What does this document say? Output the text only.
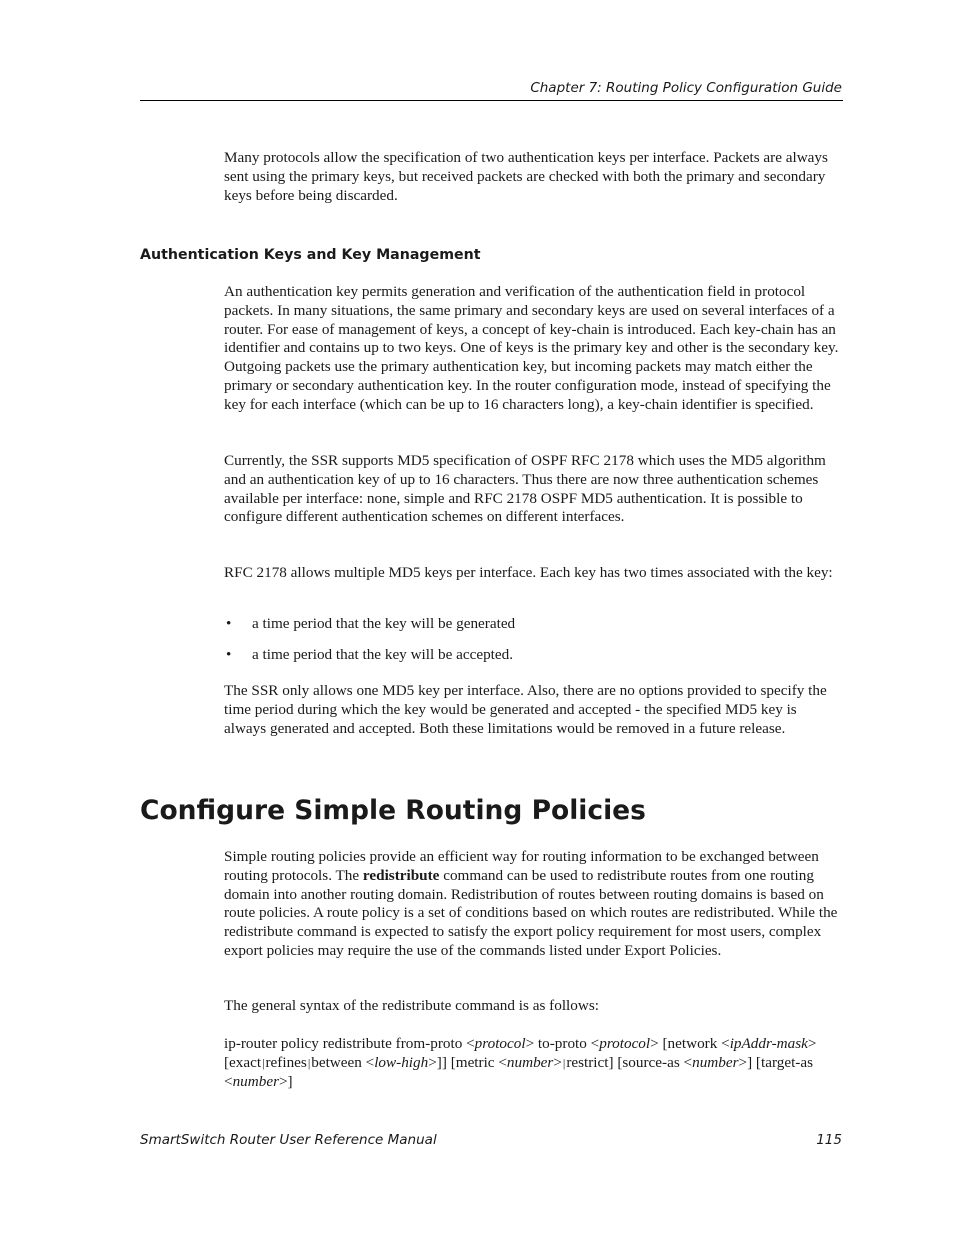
Chapter 7: Routing Policy Configuration Guide

Many protocols allow the specification of two authentication keys per interface. Packets are always sent using the primary keys, but received packets are checked with both the primary and secondary keys before being discarded.

Authentication Keys and Key Management

An authentication key permits generation and verification of the authentication field in protocol packets. In many situations, the same primary and secondary keys are used on several interfaces of a router. For ease of management of keys, a concept of key-chain is introduced. Each key-chain has an identifier and contains up to two keys. One of keys is the primary key and other is the secondary key. Outgoing packets use the primary authentication key, but incoming packets may match either the primary or secondary authentication key. In the router configuration mode, instead of specifying the key for each interface (which can be up to 16 characters long), a key-chain identifier is specified.

Currently, the SSR supports MD5 specification of OSPF RFC 2178 which uses the MD5 algorithm and an authentication key of up to 16 characters. Thus there are now three authentication schemes available per interface: none, simple and RFC 2178 OSPF MD5 authentication. It is possible to configure different authentication schemes on different interfaces.

RFC 2178 allows multiple MD5 keys per interface. Each key has two times associated with the key:

• a time period that the key will be generated
• a time period that the key will be accepted.

The SSR only allows one MD5 key per interface. Also, there are no options provided to specify the time period during which the key would be generated and accepted - the specified MD5 key is always generated and accepted. Both these limitations would be removed in a future release.

Configure Simple Routing Policies

Simple routing policies provide an efficient way for routing information to be exchanged between routing protocols. The redistribute command can be used to redistribute routes from one routing domain into another routing domain. Redistribution of routes between routing domains is based on route policies. A route policy is a set of conditions based on which routes are redistributed. While the redistribute command is expected to satisfy the export policy requirement for most users, complex export policies may require the use of the commands listed under Export Policies.

The general syntax of the redistribute command is as follows:

ip-router policy redistribute from-proto <protocol> to-proto <protocol> [network <ipAddr-mask> [exact|refines|between <low-high>]] [metric <number>|restrict] [source-as <number>] [target-as <number>]

SmartSwitch Router User Reference Manual	115
